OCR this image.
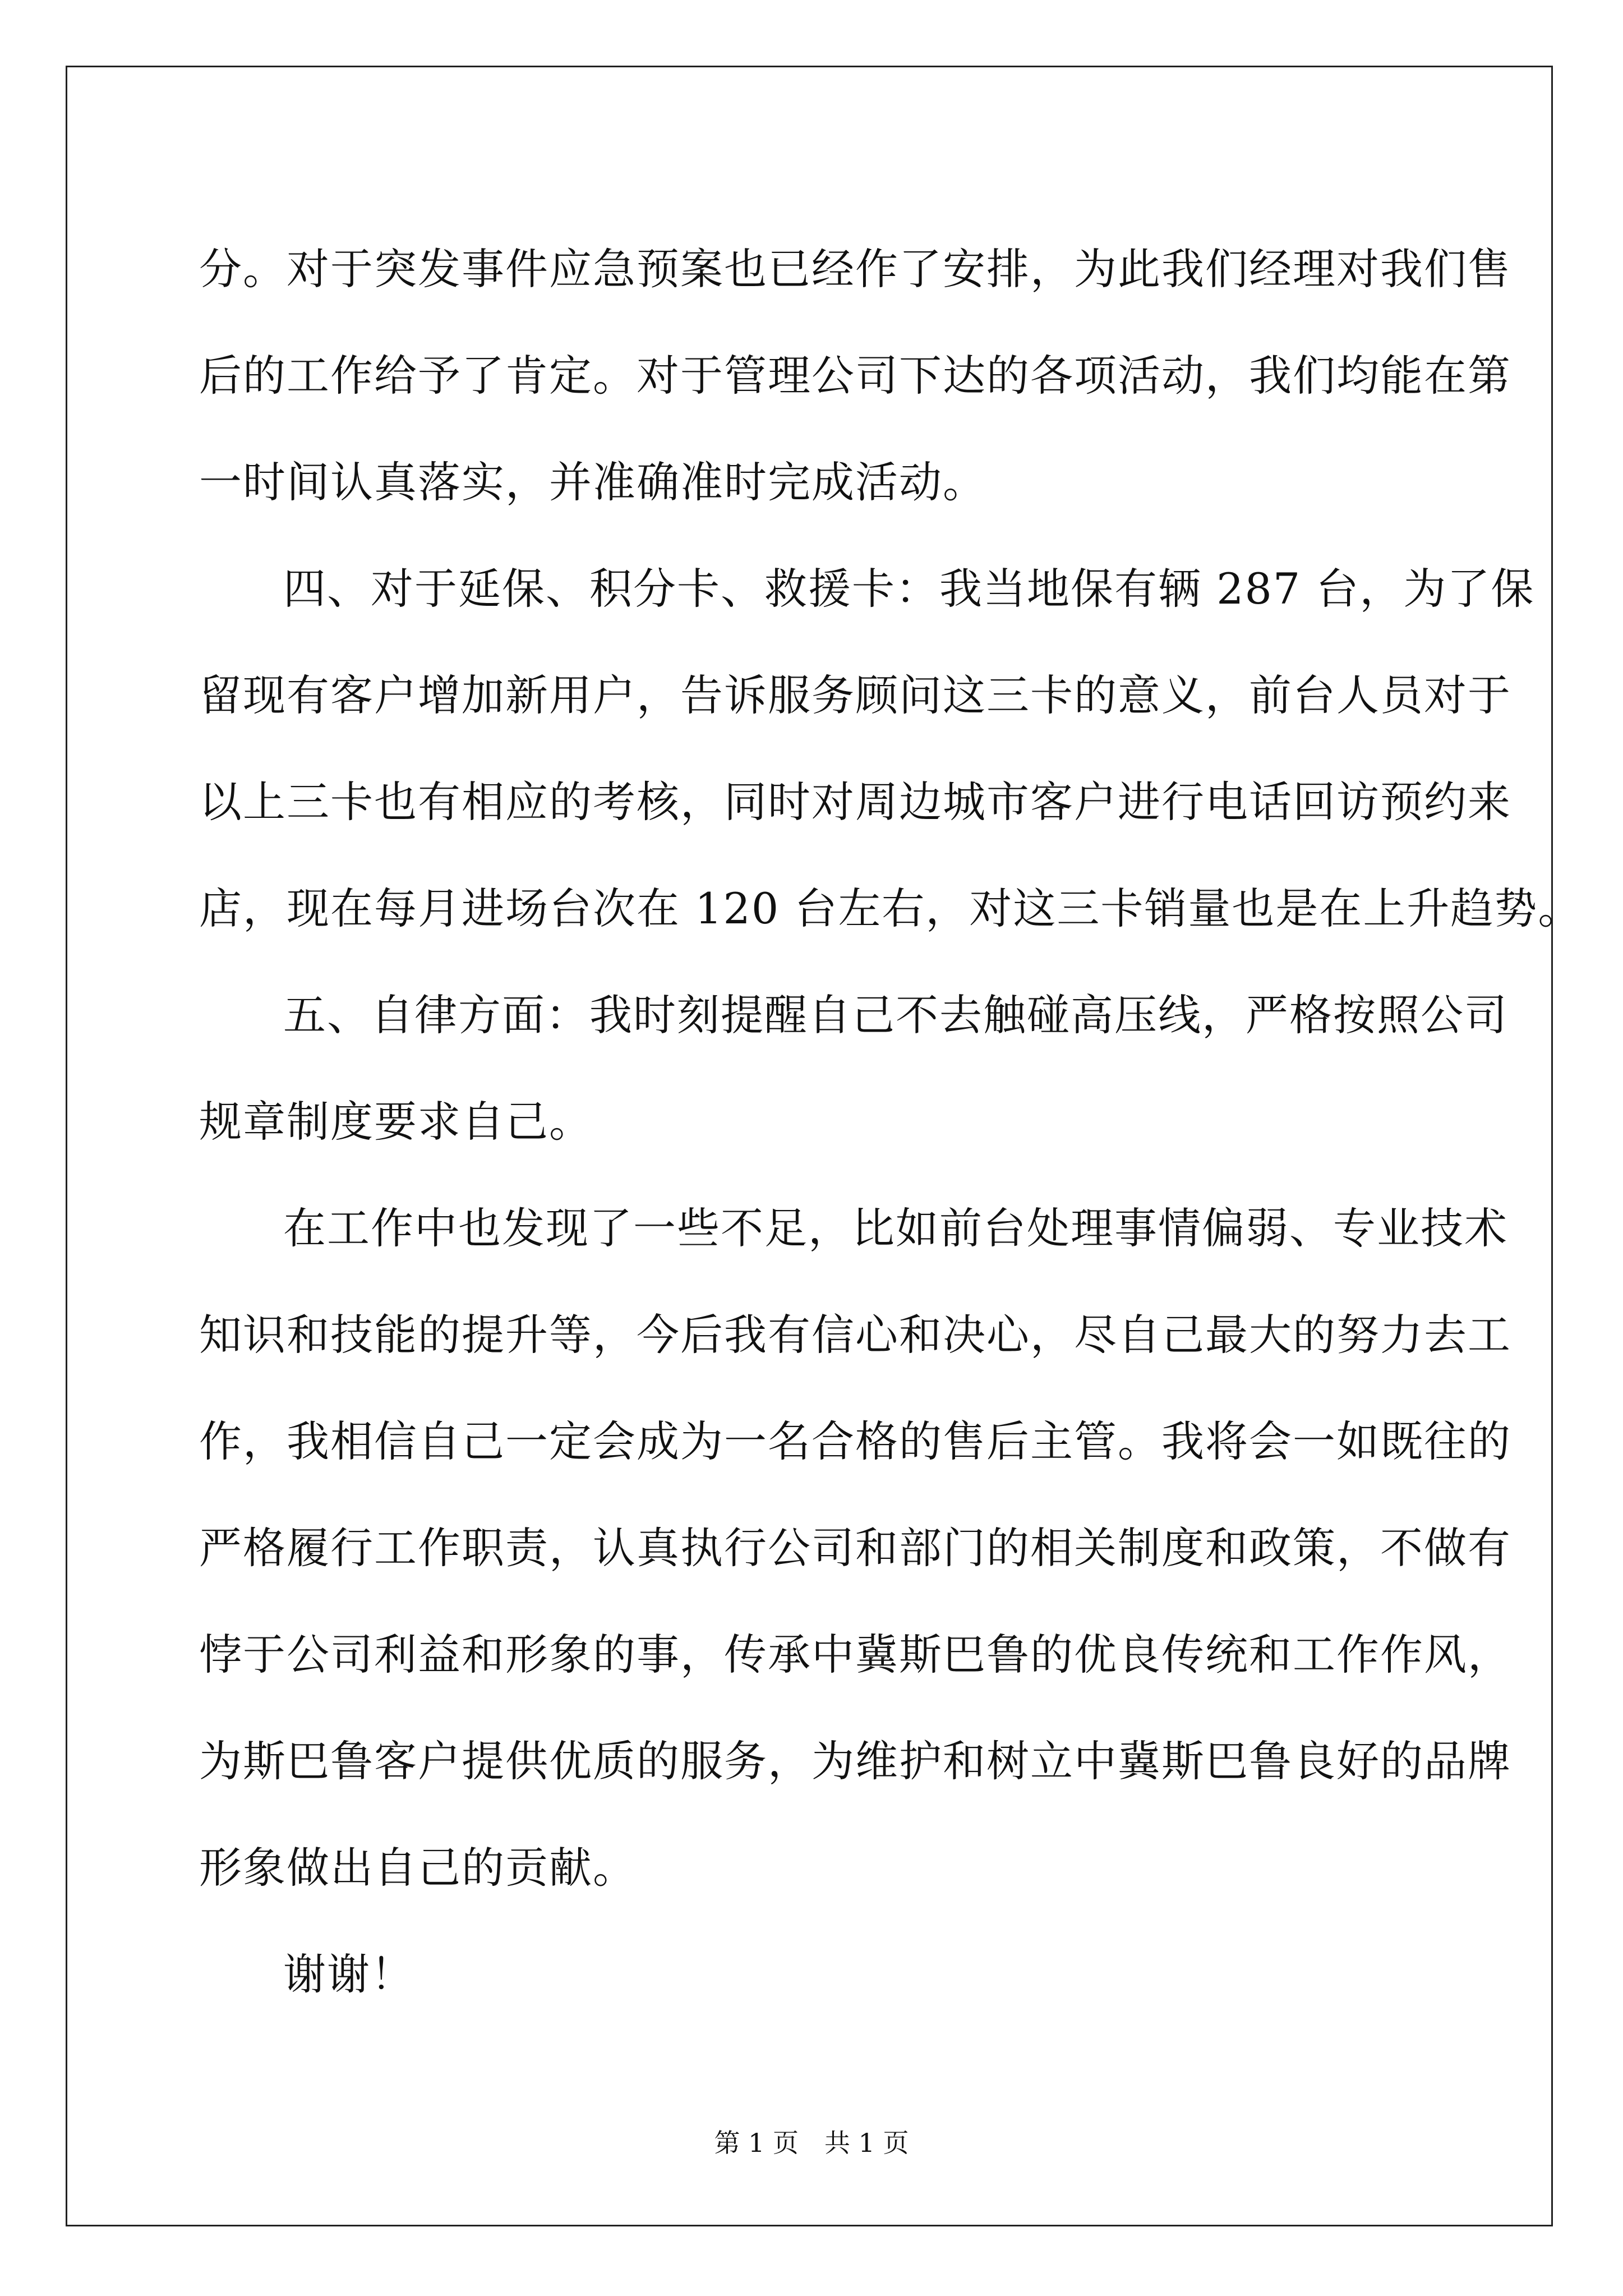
分。对于突发事件应急预案也已经作了安排，为此我们经理对我们售
后的工作给予了肯定。对于管理公司下达的各项活动，我们均能在第
一时间认真落实，并准确准时完成活动。
四、对于延保、积分卡、救援卡：我当地保有辆 287 台，为了保
留现有客户增加新用户，告诉服务顾问这三卡的意义，前台人员对于
以上三卡也有相应的考核，同时对周边城市客户进行电话回访预约来
店，现在每月进场台次在 120 台左右，对这三卡销量也是在上升趋势。
五、自律方面：我时刻提醒自己不去触碰高压线，严格按照公司
规章制度要求自己。
在工作中也发现了一些不足，比如前台处理事情偏弱、专业技术
知识和技能的提升等，今后我有信心和决心，尽自己最大的努力去工
作，我相信自己一定会成为一名合格的售后主管。我将会一如既往的
严格履行工作职责，认真执行公司和部门的相关制度和政策，不做有
悖于公司利益和形象的事，传承中冀斯巴鲁的优良传统和工作作风，
为斯巴鲁客户提供优质的服务，为维护和树立中冀斯巴鲁良好的品牌
形象做出自己的贡献。
谢谢！
第 1 页　共 1 页
